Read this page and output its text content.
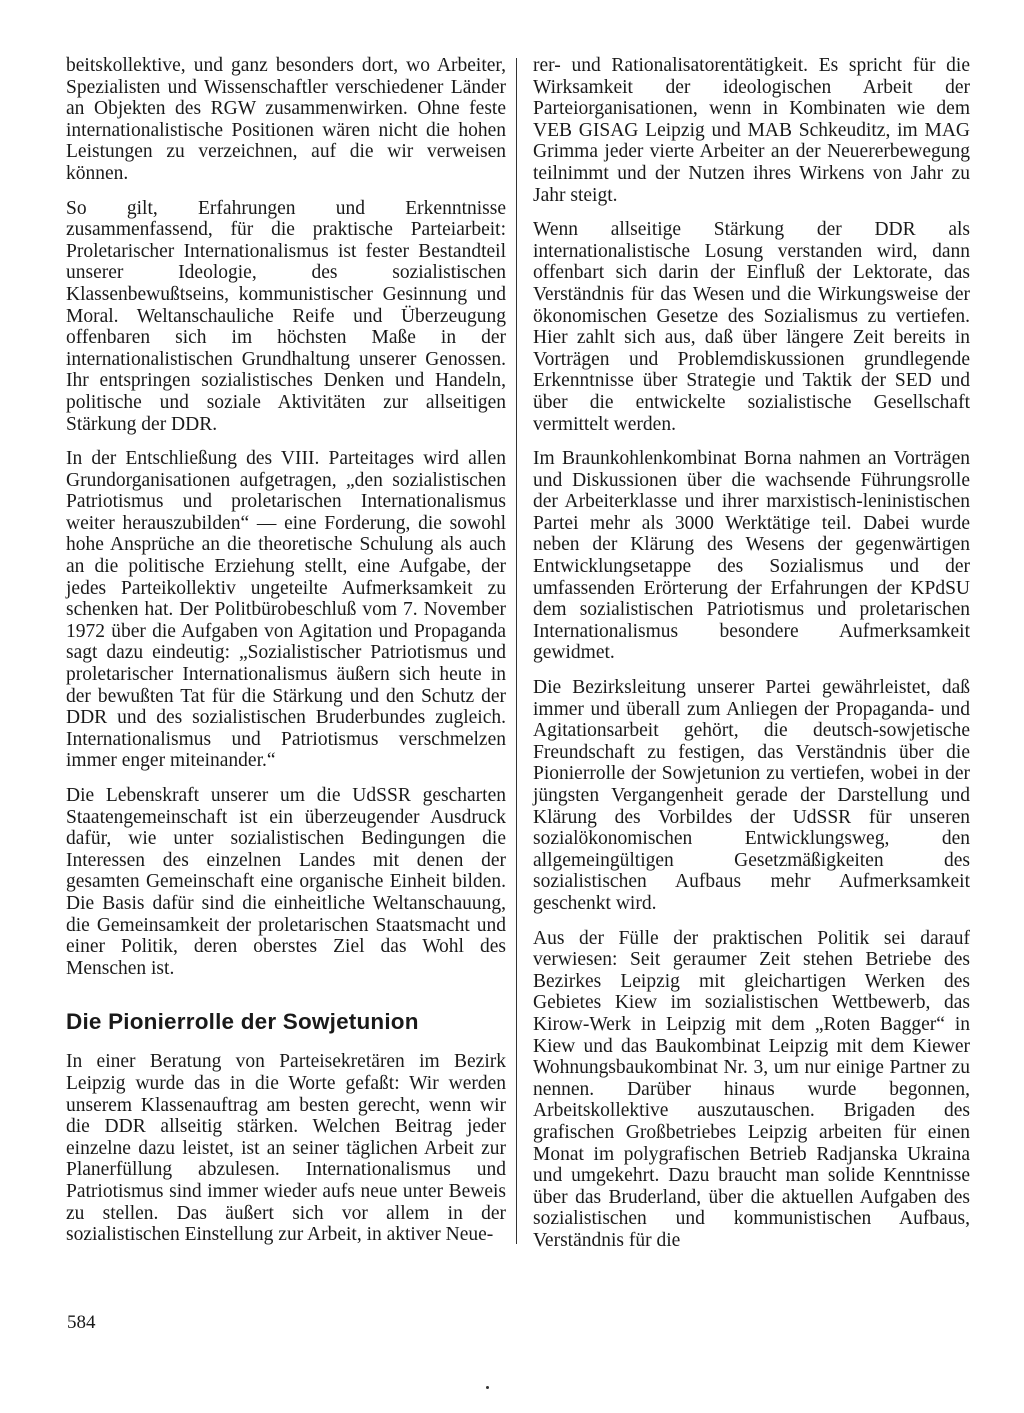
beitskollektive, und ganz besonders dort, wo Arbeiter, Spezialisten und Wissenschaftler verschiedener Länder an Objekten des RGW zusammenwirken. Ohne feste internationalistische Positionen wären nicht die hohen Leistungen zu verzeichnen, auf die wir verweisen können.

So gilt, Erfahrungen und Erkenntnisse zusammenfassend, für die praktische Parteiarbeit: Proletarischer Internationalismus ist fester Bestandteil unserer Ideologie, des sozialistischen Klassenbewußtseins, kommunistischer Gesinnung und Moral. Weltanschauliche Reife und Überzeugung offenbaren sich im höchsten Maße in der internationalistischen Grundhaltung unserer Genossen. Ihr entspringen sozialistisches Denken und Handeln, politische und soziale Aktivitäten zur allseitigen Stärkung der DDR.

In der Entschließung des VIII. Parteitages wird allen Grundorganisationen aufgetragen, „den sozialistischen Patriotismus und proletarischen Internationalismus weiter herauszubilden“ — eine Forderung, die sowohl hohe Ansprüche an die theoretische Schulung als auch an die politische Erziehung stellt, eine Aufgabe, der jedes Parteikollektiv ungeteilte Aufmerksamkeit zu schenken hat. Der Politbürobeschluß vom 7. November 1972 über die Aufgaben von Agitation und Propaganda sagt dazu eindeutig: „Sozialistischer Patriotismus und proletarischer Internationalismus äußern sich heute in der bewußten Tat für die Stärkung und den Schutz der DDR und des sozialistischen Bruderbundes zugleich. Internationalismus und Patriotismus verschmelzen immer enger miteinander.“

Die Lebenskraft unserer um die UdSSR gescharten Staatengemeinschaft ist ein überzeugender Ausdruck dafür, wie unter sozialistischen Bedingungen die Interessen des einzelnen Landes mit denen der gesamten Gemeinschaft eine organische Einheit bilden. Die Basis dafür sind die einheitliche Weltanschauung, die Gemeinsamkeit der proletarischen Staatsmacht und einer Politik, deren oberstes Ziel das Wohl des Menschen ist.

Die Pionierrolle der Sowjetunion

In einer Beratung von Parteisekretären im Bezirk Leipzig wurde das in die Worte gefaßt: Wir werden unserem Klassenauftrag am besten gerecht, wenn wir die DDR allseitig stärken. Welchen Beitrag jeder einzelne dazu leistet, ist an seiner täglichen Arbeit zur Planerfüllung abzulesen. Internationalismus und Patriotismus sind immer wieder aufs neue unter Beweis zu stellen. Das äußert sich vor allem in der sozialistischen Einstellung zur Arbeit, in aktiver Neue-

rer- und Rationalisatorentätigkeit. Es spricht für die Wirksamkeit der ideologischen Arbeit der Parteiorganisationen, wenn in Kombinaten wie dem VEB GISAG Leipzig und MAB Schkeuditz, im MAG Grimma jeder vierte Arbeiter an der Neuererbewegung teilnimmt und der Nutzen ihres Wirkens von Jahr zu Jahr steigt.

Wenn allseitige Stärkung der DDR als internationalistische Losung verstanden wird, dann offenbart sich darin der Einfluß der Lektorate, das Verständnis für das Wesen und die Wirkungsweise der ökonomischen Gesetze des Sozialismus zu vertiefen. Hier zahlt sich aus, daß über längere Zeit bereits in Vorträgen und Problemdiskussionen grundlegende Erkenntnisse über Strategie und Taktik der SED und über die entwickelte sozialistische Gesellschaft vermittelt werden.

Im Braunkohlenkombinat Borna nahmen an Vorträgen und Diskussionen über die wachsende Führungsrolle der Arbeiterklasse und ihrer marxistisch-leninistischen Partei mehr als 3000 Werktätige teil. Dabei wurde neben der Klärung des Wesens der gegenwärtigen Entwicklungsetappe des Sozialismus und der umfassenden Erörterung der Erfahrungen der KPdSU dem sozialistischen Patriotismus und proletarischen Internationalismus besondere Aufmerksamkeit gewidmet.

Die Bezirksleitung unserer Partei gewährleistet, daß immer und überall zum Anliegen der Propaganda- und Agitationsarbeit gehört, die deutsch-sowjetische Freundschaft zu festigen, das Verständnis über die Pionierrolle der Sowjetunion zu vertiefen, wobei in der jüngsten Vergangenheit gerade der Darstellung und Klärung des Vorbildes der UdSSR für unseren sozialökonomischen Entwicklungsweg, den allgemeingültigen Gesetzmäßigkeiten des sozialistischen Aufbaus mehr Aufmerksamkeit geschenkt wird.

Aus der Fülle der praktischen Politik sei darauf verwiesen: Seit geraumer Zeit stehen Betriebe des Bezirkes Leipzig mit gleichartigen Werken des Gebietes Kiew im sozialistischen Wettbewerb, das Kirow-Werk in Leipzig mit dem „Roten Bagger“ in Kiew und das Baukombinat Leipzig mit dem Kiewer Wohnungsbaukombinat Nr. 3, um nur einige Partner zu nennen. Darüber hinaus wurde begonnen, Arbeitskollektive auszutauschen. Brigaden des grafischen Großbetriebes Leipzig arbeiten für einen Monat im polygrafischen Betrieb Radjanska Ukraina und umgekehrt. Dazu braucht man solide Kenntnisse über das Bruderland, über die aktuellen Aufgaben des sozialistischen und kommunistischen Aufbaus, Verständnis für die

584
